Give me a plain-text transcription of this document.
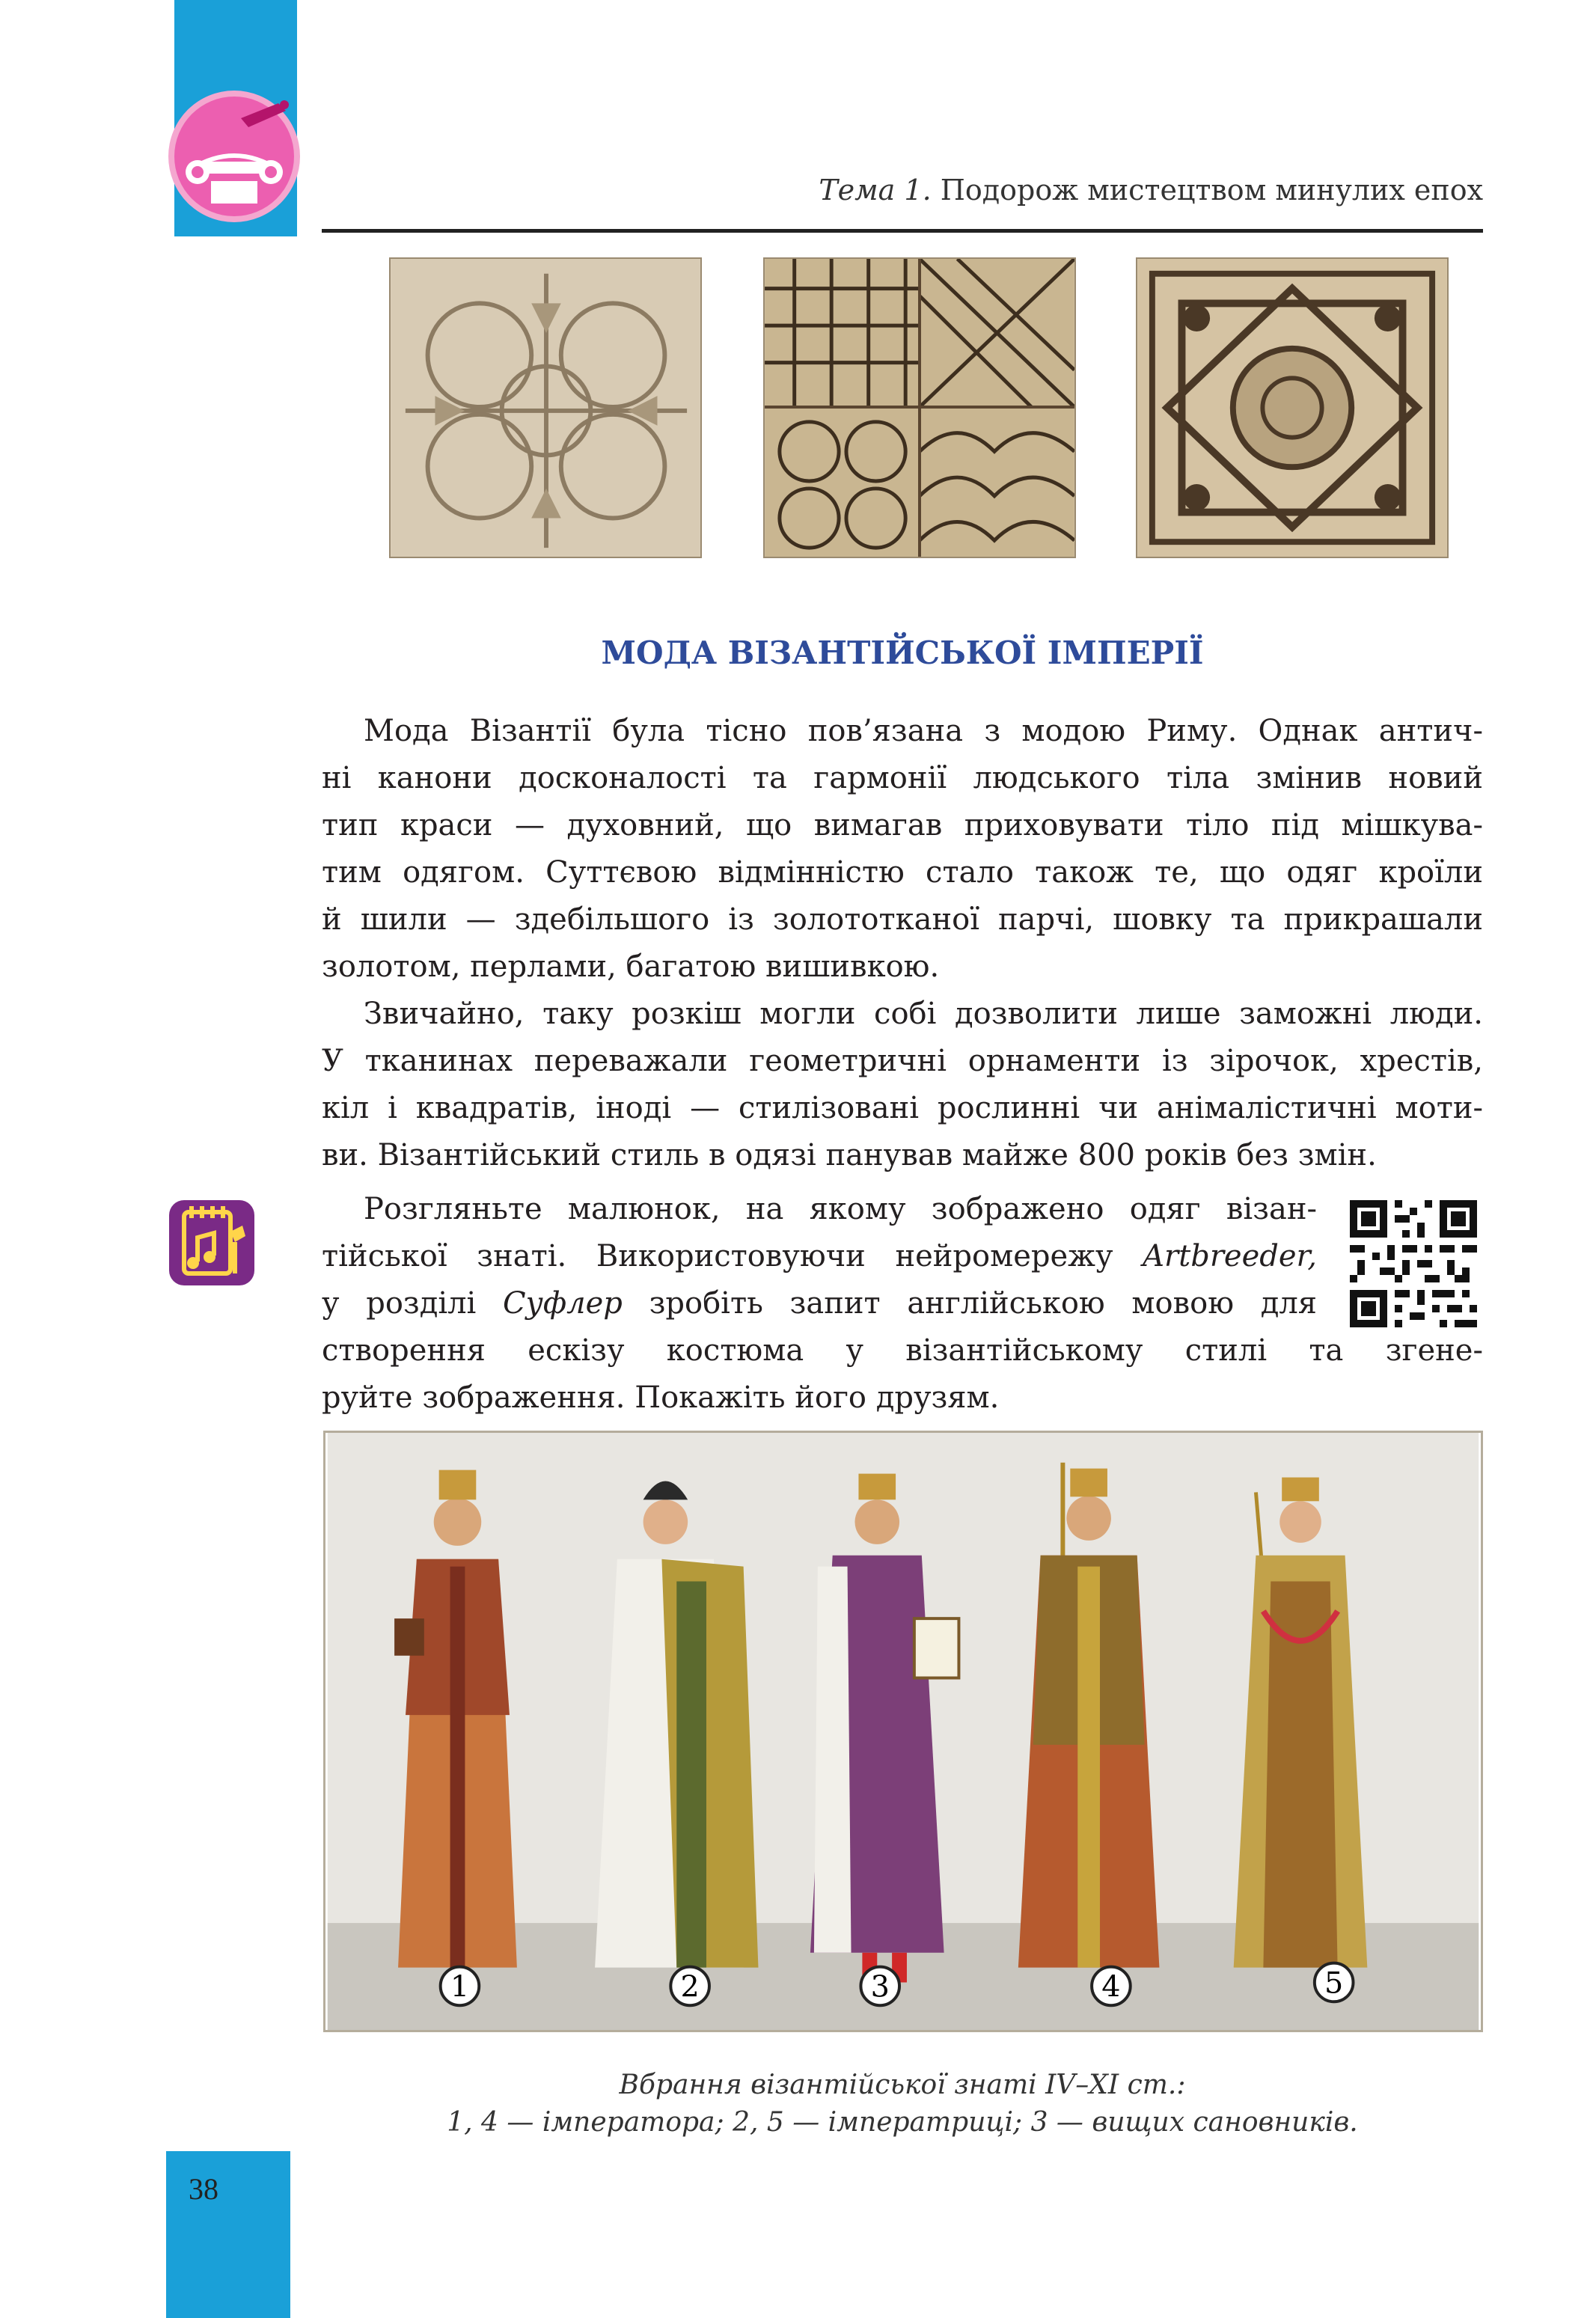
Тема 1. Подорож мистецтвом минулих епох
МОДА ВІЗАНТІЙСЬКОЇ ІМПЕРІЇ
Мода Візантії була тісно пов’язана з модою Риму. Однак антич-
ні канони досконалості та гармонії людського тіла змінив новий
тип краси — духовний, що вимагав приховувати тіло під мішкува-
тим одягом. Суттєвою відмінністю стало також те, що одяг кроїли
й шили — здебільшого із золототканої парчі, шовку та прикрашали
золотом, перлами, багатою вишивкою.
Звичайно, таку розкіш могли собі дозволити лише заможні люди.
У тканинах переважали геометричні орнаменти із зірочок, хрестів,
кіл і квадратів, іноді — стилізовані рослинні чи анімалістичні моти-
ви. Візантійський стиль в одязі панував майже 800 років без змін.
Розгляньте малюнок, на якому зображено одяг візан-
тійської знаті. Використовуючи нейромережу Artbreeder,
у розділі Суфлер зробіть запит англійською мовою для
створення ескізу костюма у візантійському стилі та згене-
руйте зображення. Покажіть його друзям.
1	2	3	4	5
Вбрання візантійської знаті IV–XI ст.:
1, 4 — імператора; 2, 5 — імператриці; 3 — вищих сановників.
38
